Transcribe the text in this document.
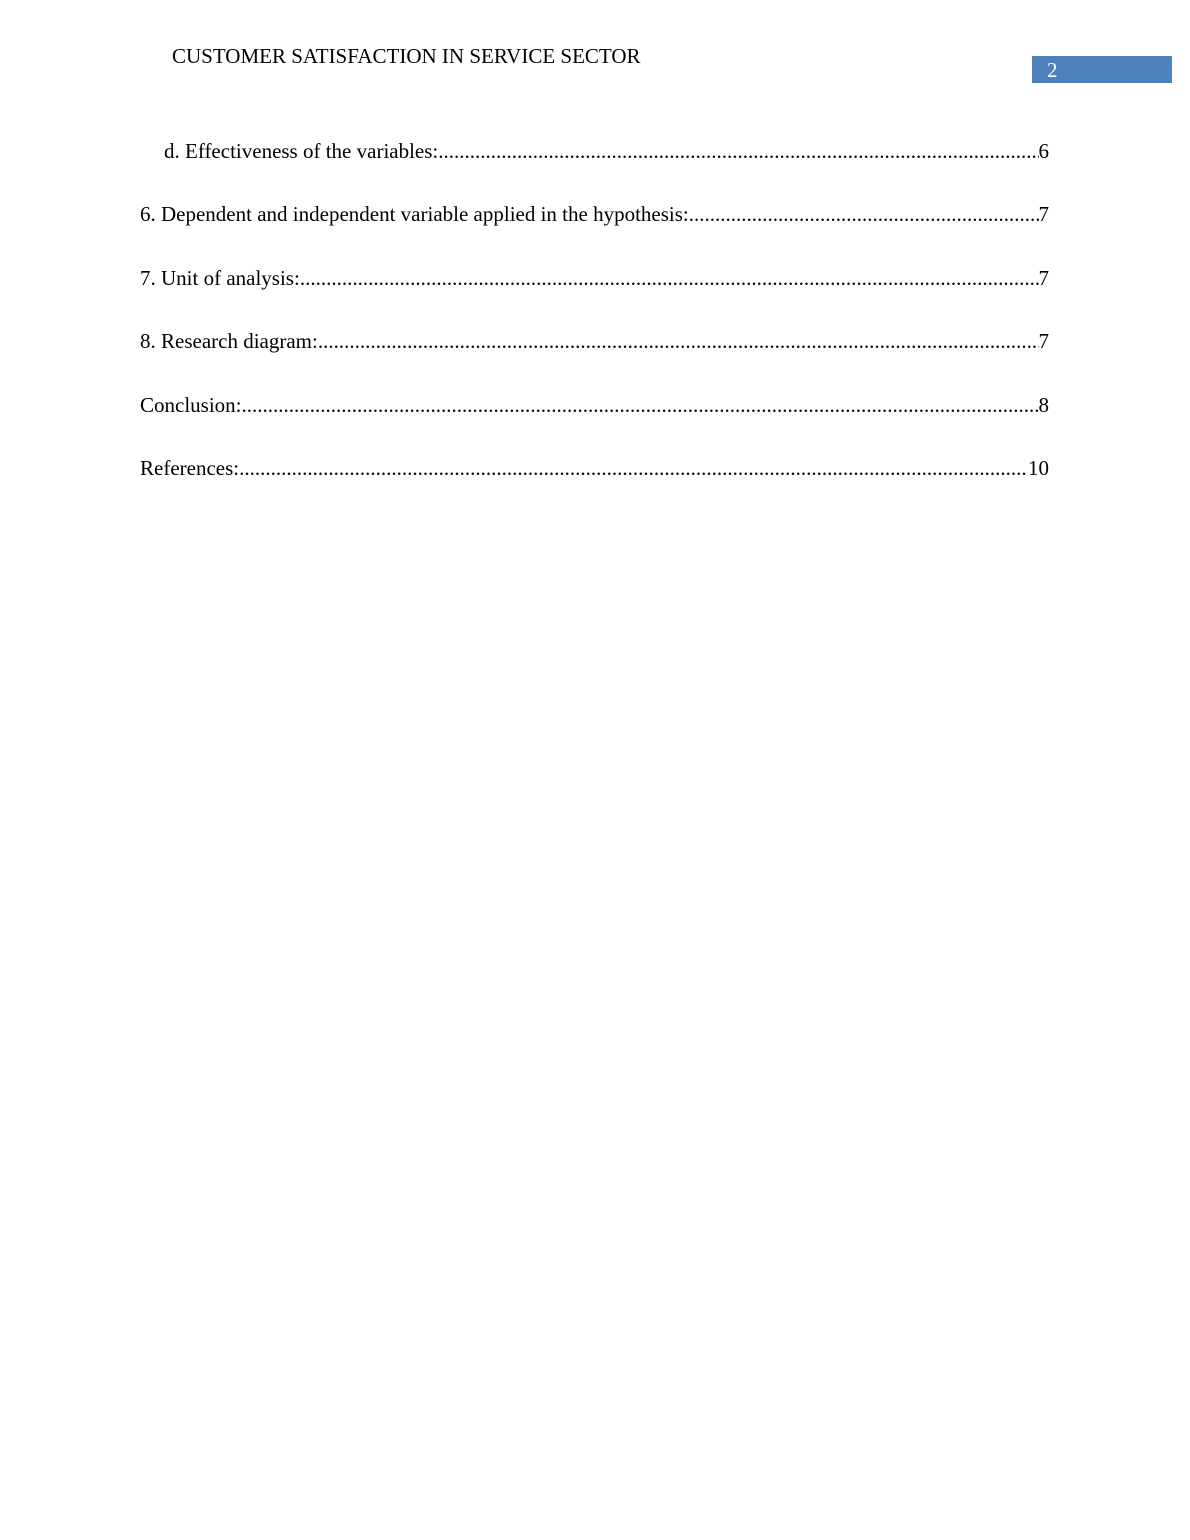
CUSTOMER SATISFACTION IN SERVICE SECTOR
2
d. Effectiveness of the variables: .....	6
6. Dependent and independent variable applied in the hypothesis: .....	7
7. Unit of analysis: .....	7
8. Research diagram: .....	7
Conclusion: .....	8
References: .....	10
